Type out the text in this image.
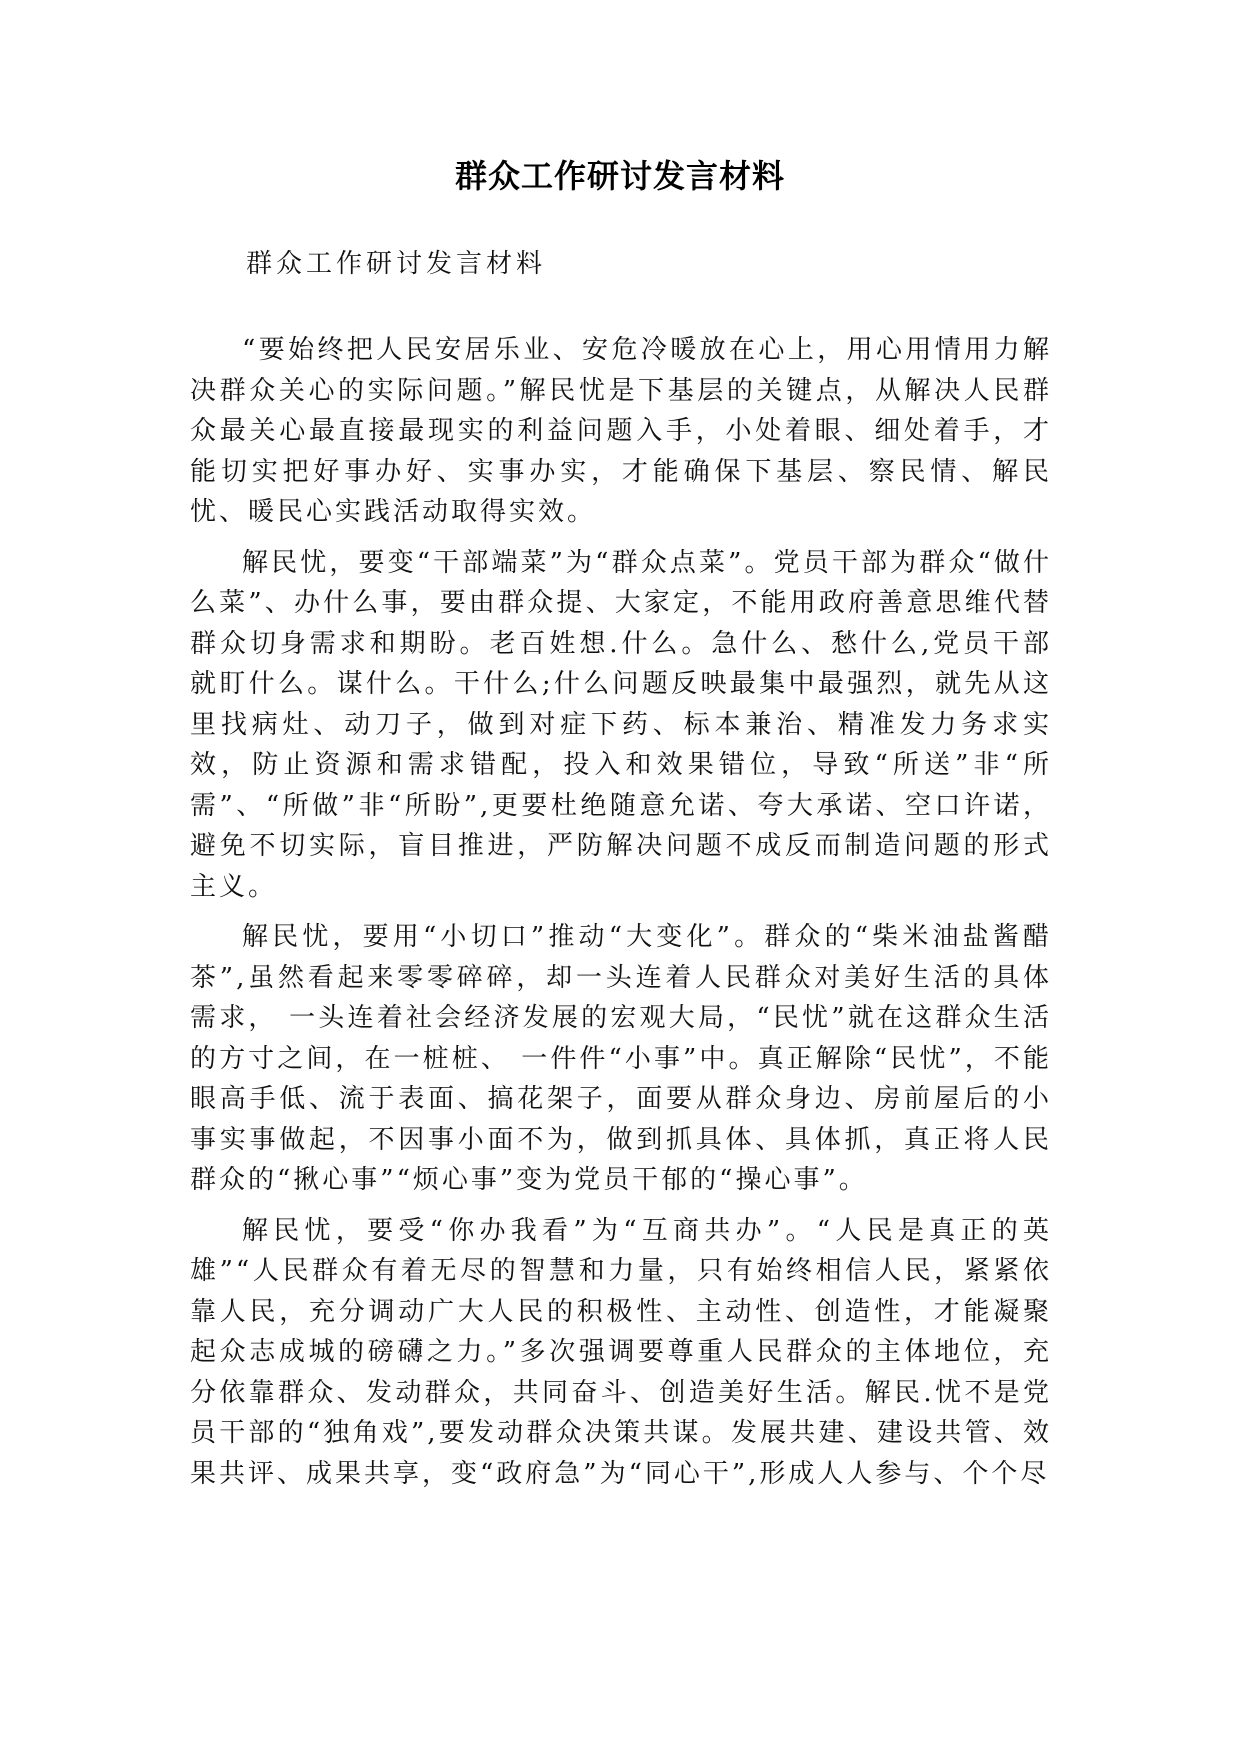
群众工作研讨发言材料
群众工作研讨发言材料

“要始终把人民安居乐业、安危冷暖放在心上，用心用情用力解决群众关心的实际问题。”解民忧是下基层的关键点，从解决人民群众最关心最直接最现实的利益问题入手，小处着眼、细处着手，才能切实把好事办好、实事办实，才能确保下基层、察民情、解民忧、暖民心实践活动取得实效。

解民忧，要变“干部端菜”为“群众点菜”。党员干部为群众“做什么菜”、办什么事，要由群众提、大家定，不能用政府善意思维代替群众切身需求和期盼。老百姓想.什么。急什么、愁什么,党员干部就盯什么。谋什么。干什么;什么问题反映最集中最强烈，就先从这里找病灶、动刀子，做到对症下药、标本兼治、精准发力务求实效，防止资源和需求错配，投入和效果错位，导致“所送”非“所需”、“所做”非“所盼”,更要杜绝随意允诺、夸大承诺、空口许诺，避免不切实际，盲目推进，严防解决问题不成反而制造问题的形式主义。

解民忧，要用“小切口”推动“大变化”。群众的“柴米油盐酱醋茶”,虽然看起来零零碎碎，却一头连着人民群众对美好生活的具体需求， 一头连着社会经济发展的宏观大局，“民忧”就在这群众生活的方寸之间，在一桩桩、 一件件“小事”中。真正解除“民忧”，不能眼高手低、流于表面、搞花架子，面要从群众身边、房前屋后的小事实事做起，不因事小面不为，做到抓具体、具体抓，真正将人民群众的“揪心事”“烦心事”变为党员干郁的“操心事”。

解民忧，要受“你办我看”为“互商共办”。“人民是真正的英雄”“人民群众有着无尽的智慧和力量，只有始终相信人民，紧紧依靠人民，充分调动广大人民的积极性、主动性、创造性，才能凝聚起众志成城的磅礴之力。”多次强调要尊重人民群众的主体地位，充分依靠群众、发动群众，共同奋斗、创造美好生活。解民.忧不是党员干部的“独角戏”,要发动群众决策共谋。发展共建、建设共管、效果共评、成果共享，变“政府急”为“同心干”,形成人人参与、个个尽
